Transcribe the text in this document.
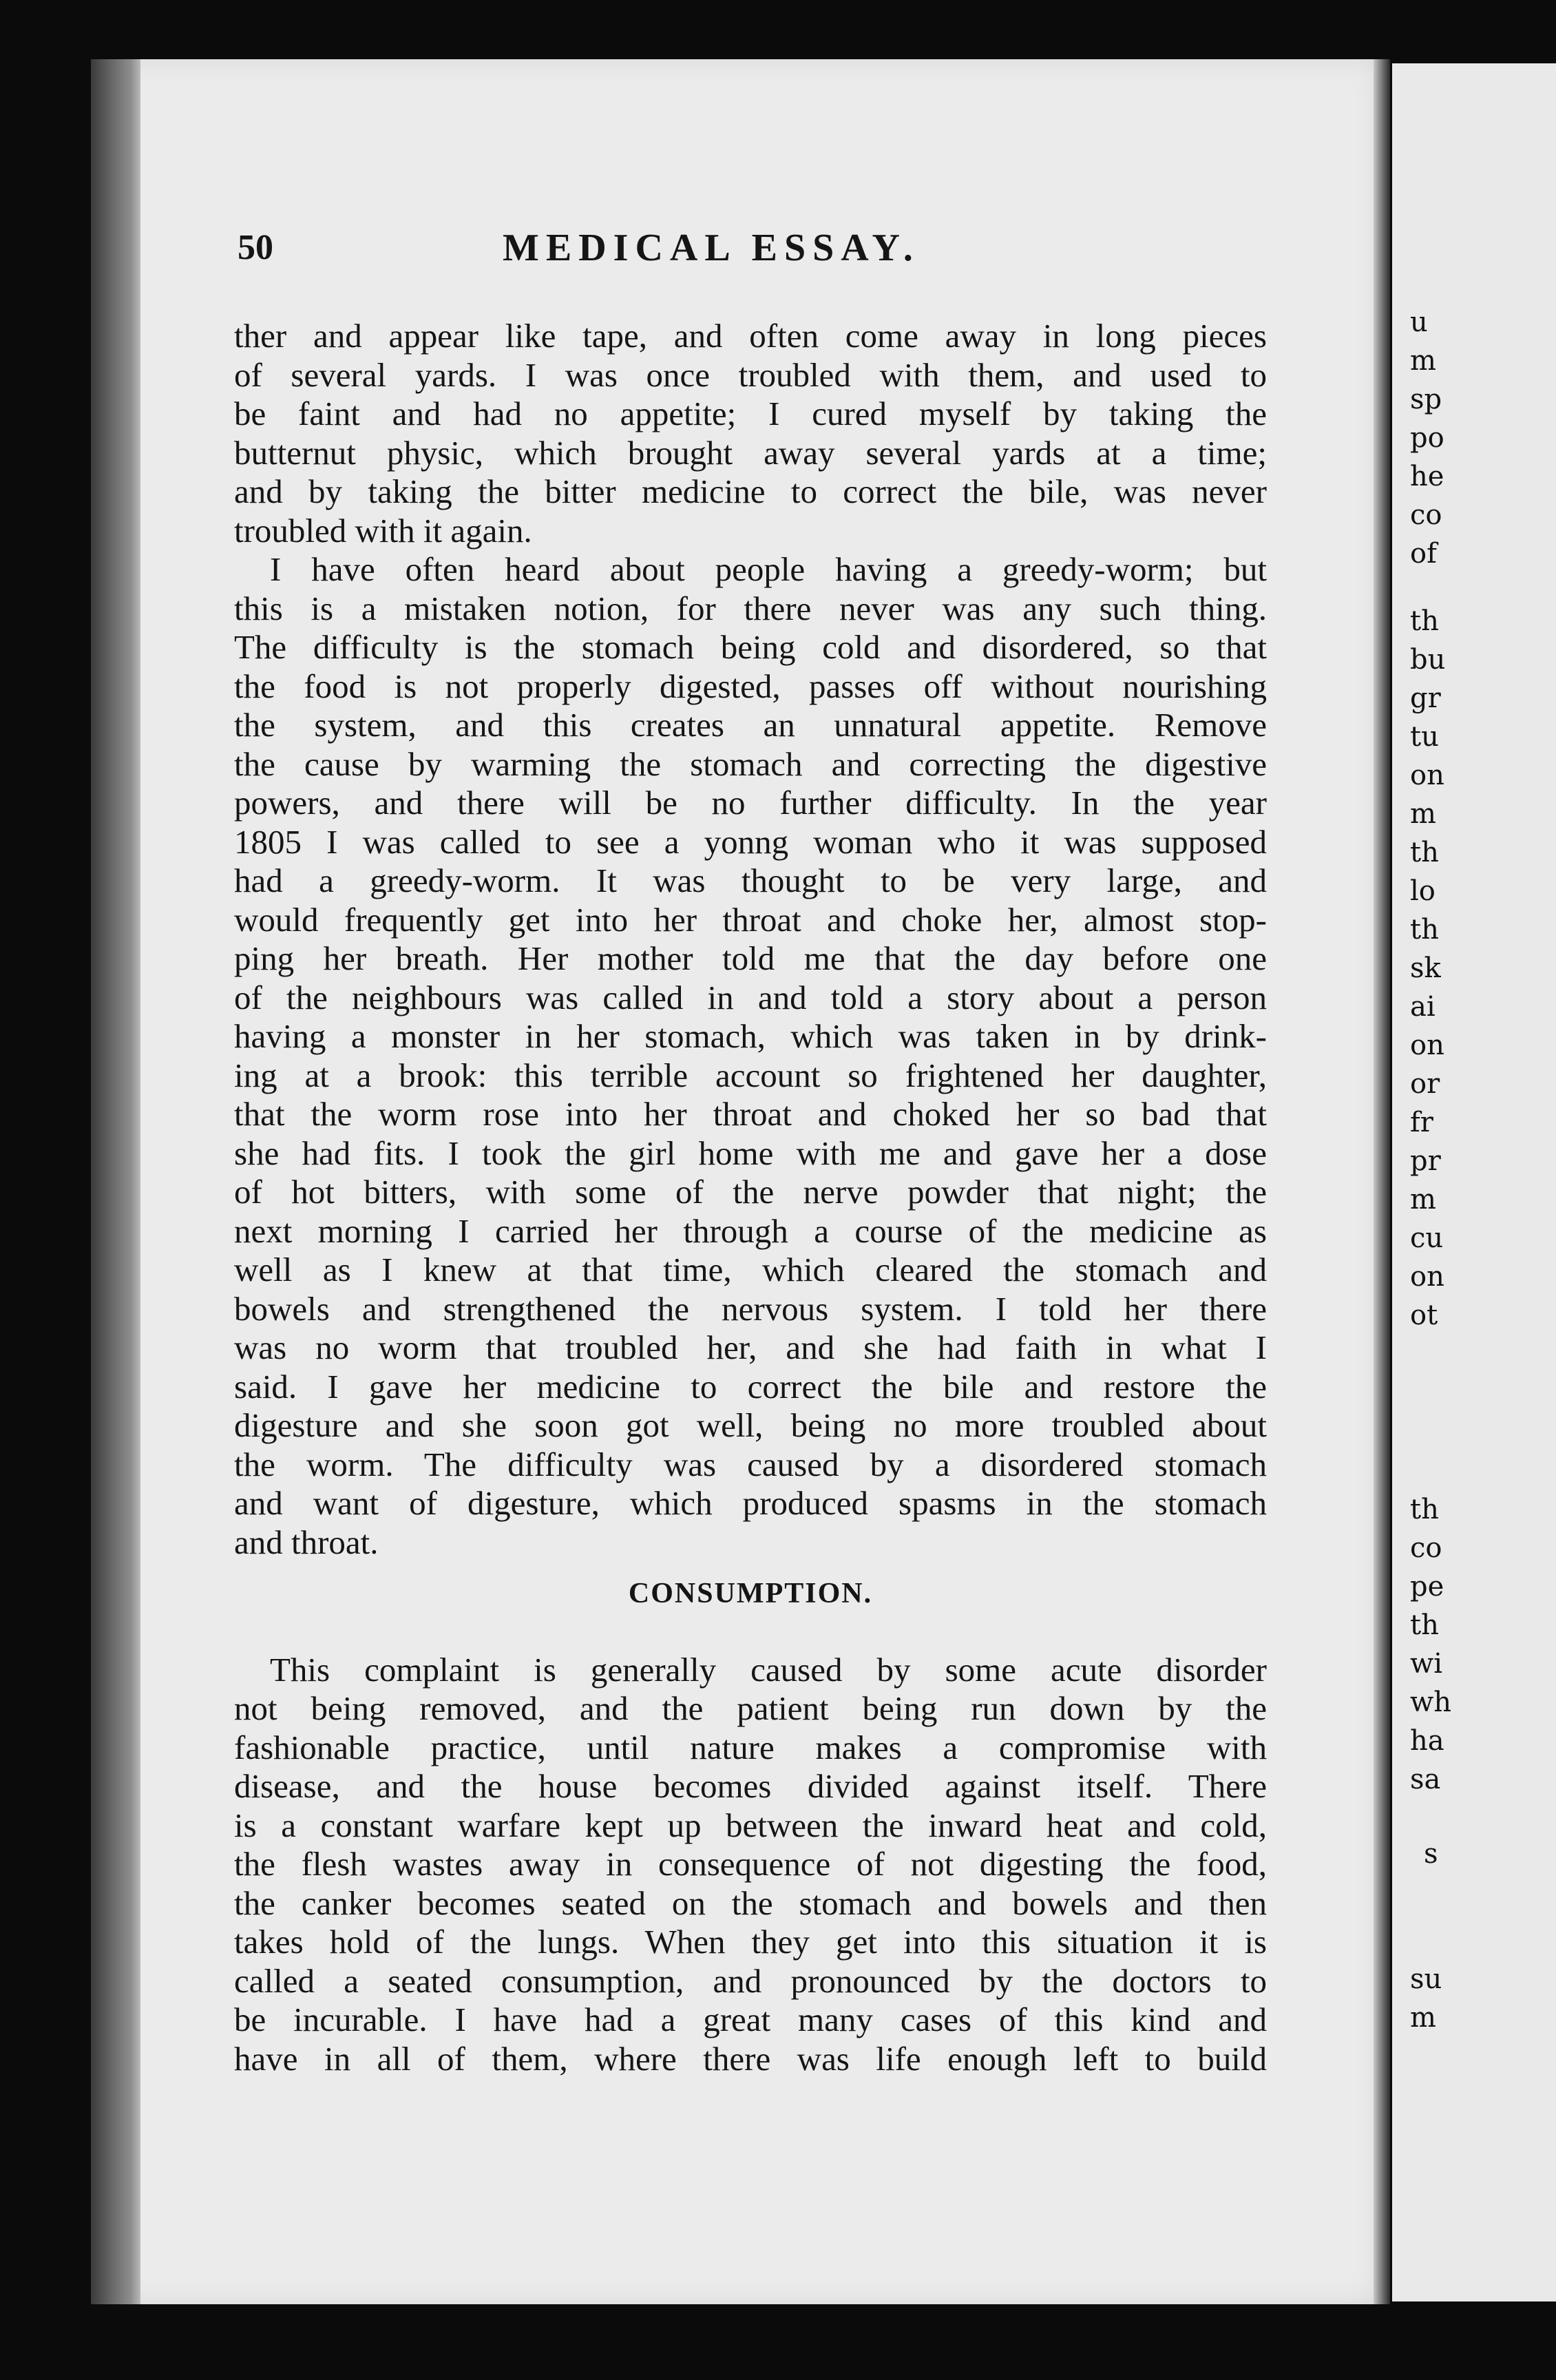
u
m
sp
po
he
co
of
th
bu
gr
tu
on
m
th
lo
th
sk
ai
on
or
fr
pr
m
cu
on
ot
th
co
pe
th
wi
wh
ha
sa
s
su
m
50	MEDICAL ESSAY.
ther and appear like tape, and often come away in long pieces
of several yards. I was once troubled with them, and used to
be faint and had no appetite; I cured myself by taking the
butternut physic, which brought away several yards at a time;
and by taking the bitter medicine to correct the bile, was never
troubled with it again.
I have often heard about people having a greedy-worm; but
this is a mistaken notion, for there never was any such thing.
The difficulty is the stomach being cold and disordered, so that
the food is not properly digested, passes off without nourishing
the system, and this creates an unnatural appetite. Remove
the cause by warming the stomach and correcting the digestive
powers, and there will be no further difficulty. In the year
1805 I was called to see a yonng woman who it was supposed
had a greedy-worm. It was thought to be very large, and
would frequently get into her throat and choke her, almost stop-
ping her breath. Her mother told me that the day before one
of the neighbours was called in and told a story about a person
having a monster in her stomach, which was taken in by drink-
ing at a brook: this terrible account so frightened her daughter,
that the worm rose into her throat and choked her so bad that
she had fits. I took the girl home with me and gave her a dose
of hot bitters, with some of the nerve powder that night; the
next morning I carried her through a course of the medicine as
well as I knew at that time, which cleared the stomach and
bowels and strengthened the nervous system. I told her there
was no worm that troubled her, and she had faith in what I
said. I gave her medicine to correct the bile and restore the
digesture and she soon got well, being no more troubled about
the worm. The difficulty was caused by a disordered stomach
and want of digesture, which produced spasms in the stomach
and throat.
CONSUMPTION.
This complaint is generally caused by some acute disorder
not being removed, and the patient being run down by the
fashionable practice, until nature makes a compromise with
disease, and the house becomes divided against itself. There
is a constant warfare kept up between the inward heat and cold,
the flesh wastes away in consequence of not digesting the food,
the canker becomes seated on the stomach and bowels and then
takes hold of the lungs. When they get into this situation it is
called a seated consumption, and pronounced by the doctors to
be incurable. I have had a great many cases of this kind and
have in all of them, where there was life enough left to build
